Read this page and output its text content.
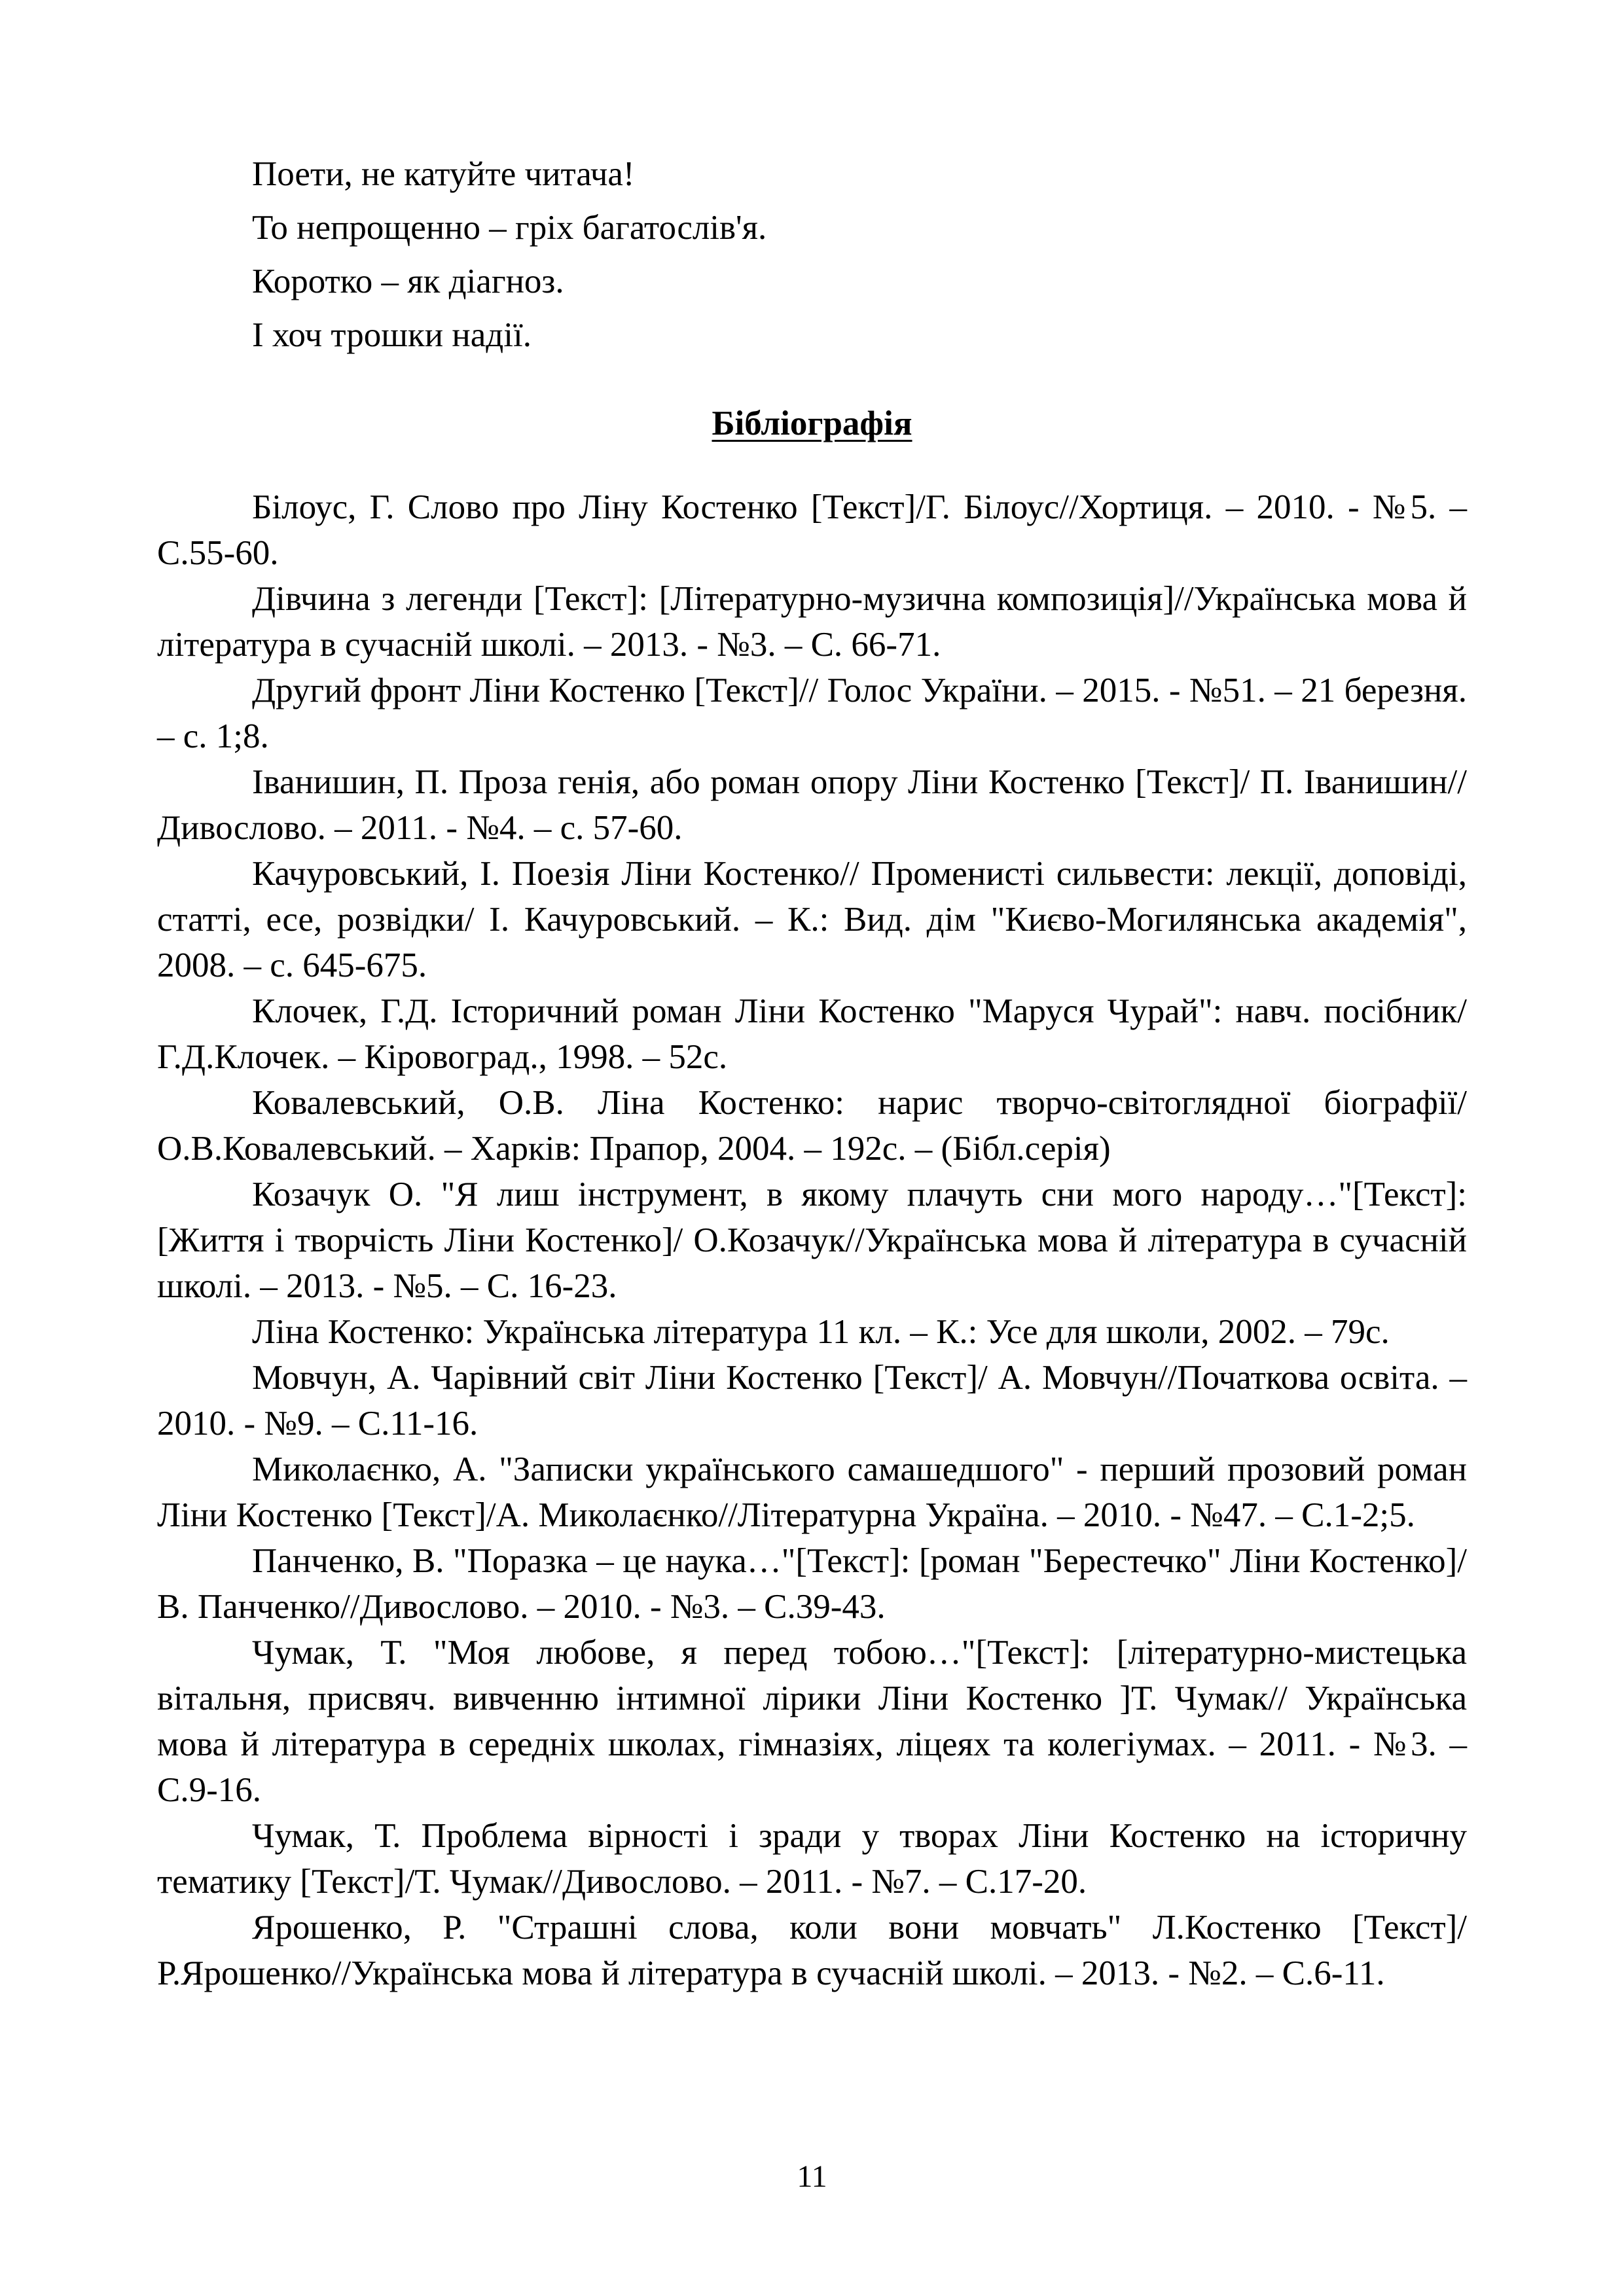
Поети, не катуйте читача!
То непрощенно – гріх багатослів'я.
Коротко – як діагноз.
І хоч трошки надії.
Бібліографія

Білоус, Г. Слово про Ліну Костенко [Текст]/Г. Білоус//Хортиця. – 2010. - №5. – С.55-60.

Дівчина з легенди [Текст]: [Літературно-музична композиція]//Українська мова й література в сучасній школі. – 2013. - №3. – С. 66-71.

Другий фронт Ліни Костенко [Текст]// Голос України. – 2015. - №51. – 21 березня. – с. 1;8.

Іванишин, П. Проза генія, або роман опору Ліни Костенко [Текст]/ П. Іванишин// Дивослово. – 2011. - №4. – с. 57-60.

Качуровський, І. Поезія Ліни Костенко// Променисті сильвести: лекції, доповіді, статті, есе, розвідки/ І. Качуровський. – К.: Вид. дім "Києво-Могилянська академія", 2008. – с. 645-675.

Клочек, Г.Д. Історичний роман Ліни Костенко "Маруся Чурай": навч. посібник/Г.Д.Клочек. – Кіровоград., 1998. – 52с.

Ковалевський, О.В. Ліна Костенко: нарис творчо-світоглядної біографії/О.В.Ковалевський. – Харків: Прапор, 2004. – 192с. – (Бібл.серія)

Козачук О. "Я лиш інструмент, в якому плачуть сни мого народу…"[Текст]: [Життя і творчість Ліни Костенко]/ О.Козачук//Українська мова й література в сучасній школі. – 2013. - №5. – С. 16-23.

Ліна Костенко: Українська література 11 кл. – К.: Усе для школи, 2002. – 79с.

Мовчун, А. Чарівний світ Ліни Костенко [Текст]/ А. Мовчун//Початкова освіта. – 2010. - №9. – С.11-16.

Миколаєнко, А. "Записки українського самашедшого" - перший прозовий роман Ліни Костенко [Текст]/А. Миколаєнко//Літературна Україна. – 2010. - №47. – С.1-2;5.

Панченко, В. "Поразка – це наука…"[Текст]: [роман "Берестечко" Ліни Костенко]/В. Панченко//Дивослово. – 2010. - №3. – С.39-43.

Чумак, Т. "Моя любове, я перед тобою…"[Текст]: [літературно-мистецька вітальня, присвяч. вивченню інтимної лірики Ліни Костенко ]Т. Чумак// Українська мова й література в середніх школах, гімназіях, ліцеях та колегіумах. – 2011. - №3. – С.9-16.

Чумак, Т. Проблема вірності і зради у творах Ліни Костенко на історичну тематику [Текст]/Т. Чумак//Дивослово. – 2011. - №7. – С.17-20.

Ярошенко, Р. "Страшні слова, коли вони мовчать" Л.Костенко [Текст]/ Р.Ярошенко//Українська мова й література в сучасній школі. – 2013. - №2. – С.6-11.

11
